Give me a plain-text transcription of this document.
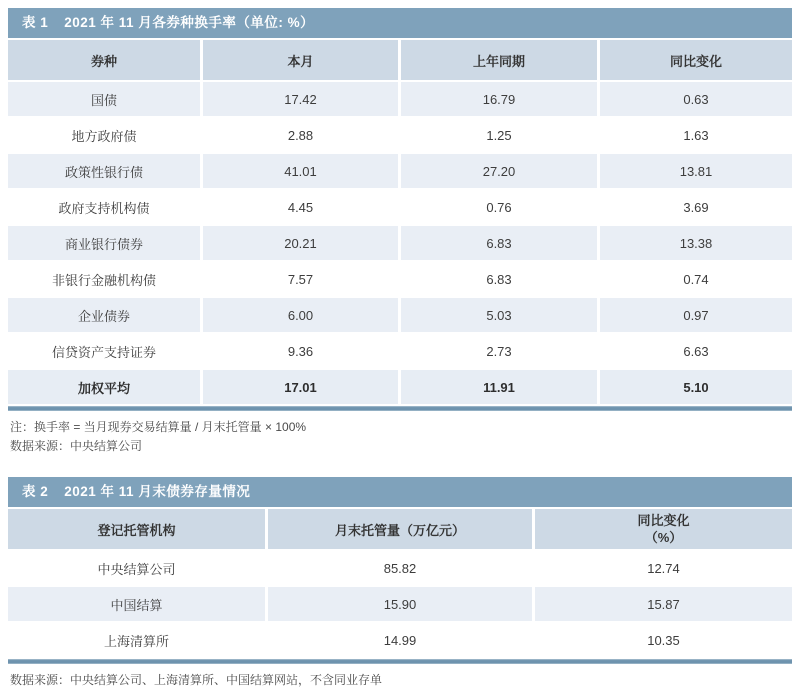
表 1 2021 年 11 月各券种换手率（单位: %）
券种	本月	上年同期	同比变化
国债	17.42	16.79	0.63
地方政府债	2.88	1.25	1.63
政策性银行债	41.01	27.20	13.81
政府支持机构债	4.45	0.76	3.69
商业银行债券	20.21	6.83	13.38
非银行金融机构债	7.57	6.83	0.74
企业债券	6.00	5.03	0.97
信贷资产支持证券	9.36	2.73	6.63
加权平均	17.01	11.91	5.10
注：换手率 = 当月现券交易结算量 / 月末托管量 × 100%
数据来源：中央结算公司
表 2 2021 年 11 月末债券存量情况
登记托管机构	月末托管量（万亿元）	同比变化
（%）

中央结算公司	85.82	12.74
中国结算	15.90	15.87
上海清算所	14.99	10.35
数据来源：中央结算公司、上海清算所、中国结算网站，不含同业存单
